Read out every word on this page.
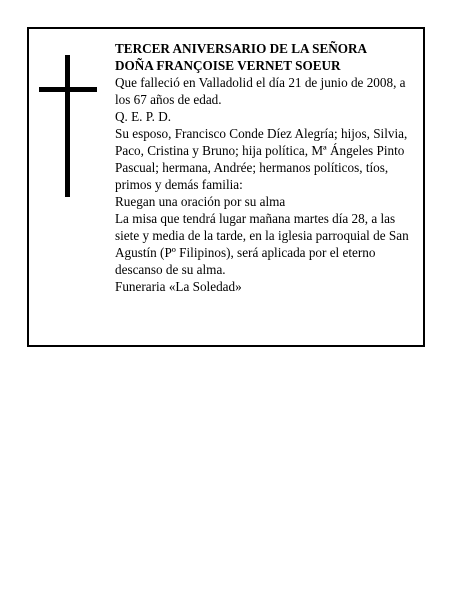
TERCER ANIVERSARIO DE LA SEÑORA

DOÑA FRANÇOISE VERNET SOEUR

Que falleció en Valladolid el día 21 de junio de 2008, a los 67 años de edad.

Q. E. P. D.

Su esposo, Francisco Conde Díez Alegría; hijos, Silvia, Paco, Cristina y Bruno; hija política, Mª Ángeles Pinto Pascual; hermana, Andrée; hermanos políticos, tíos, primos y demás familia:

Ruegan una oración por su alma

La misa que tendrá lugar mañana martes día 28, a las siete y media de la tarde, en la iglesia parroquial de San Agustín (Pº Filipinos), será aplicada por el eterno descanso de su alma.

Funeraria «La Soledad»
